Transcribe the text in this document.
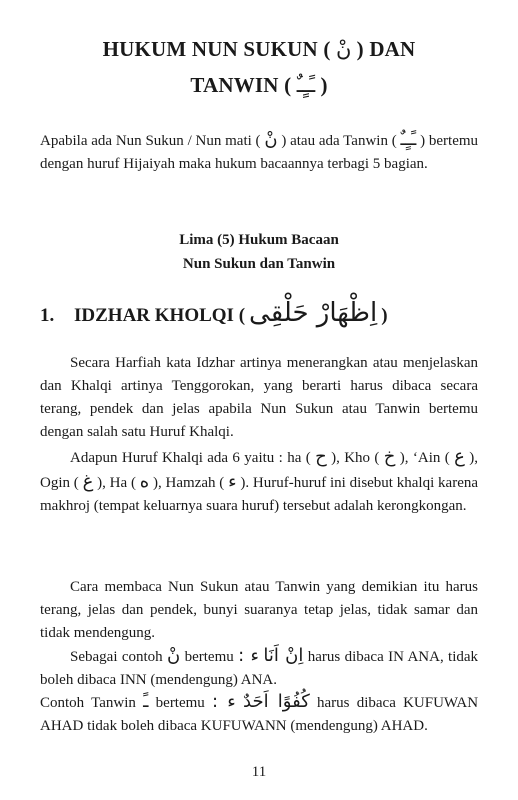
HUKUM NUN SUKUN ( نْ ) DAN
TANWIN ( ـًـٍـٌ )

Apabila ada Nun Sukun / Nun mati ( نْ ) atau ada Tanwin ( ـًـٍـٌ ) bertemu dengan huruf Hijaiyah maka hukum bacaannya terbagi 5 bagian.

Lima (5) Hukum Bacaan
Nun Sukun dan Tanwin
1. IDZHAR KHOLQI ( اِظْهَارْ حَلْقِى )

Secara Harfiah kata Idzhar artinya menerangkan atau menjelaskan dan Khalqi artinya Tenggorokan, yang berarti harus dibaca secara terang, pendek dan jelas apabila Nun Sukun atau Tanwin bertemu dengan salah satu Huruf Khalqi.

Adapun Huruf Khalqi ada 6 yaitu : ha ( ح ), Kho ( خ ), ‘Ain ( ع ), Ogin ( غ ), Ha ( ه ), Hamzah ( ء ). Huruf-huruf ini disebut khalqi karena makhroj (tempat keluarnya suara huruf) tersebut adalah kerongkongan.

Cara membaca Nun Sukun atau Tanwin yang demikian itu harus terang, jelas dan pendek, bunyi suaranya tetap jelas, tidak samar dan tidak mendengung.

Sebagai contoh نْ bertemu ء : اِنْ اَنَا harus dibaca IN ANA, tidak boleh dibaca INN (mendengung) ANA.

Contoh Tanwin ـً bertemu ء : كُفُوًا اَحَدٌ harus dibaca KUFUWAN AHAD tidak boleh dibaca KUFUWANN (mendengung) AHAD.

11
